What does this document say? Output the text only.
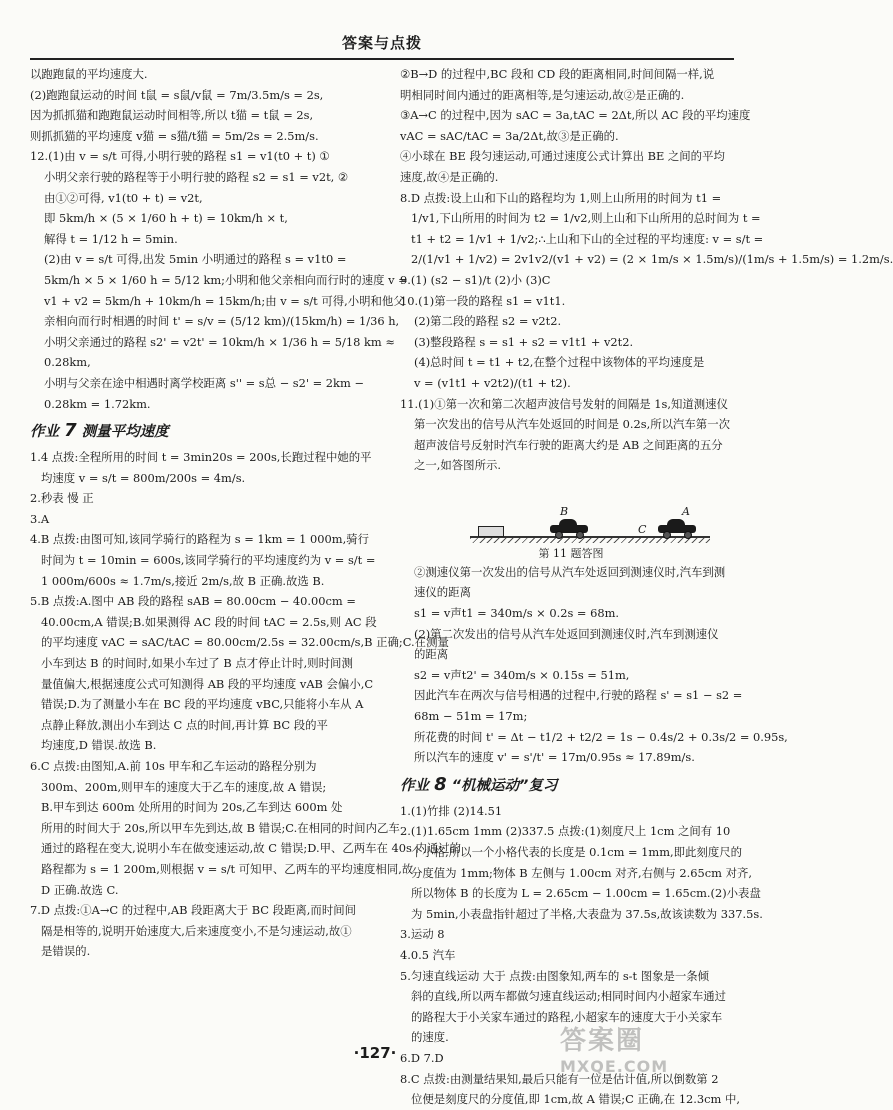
答案与点拨
以跑跑鼠的平均速度大.
(2)跑跑鼠运动的时间 t鼠 = s鼠/v鼠 = 7m/3.5m/s = 2s,
因为抓抓猫和跑跑鼠运动时间相等,所以 t猫 = t鼠 = 2s,
则抓抓猫的平均速度 v猫 = s猫/t猫 = 5m/2s = 2.5m/s.
12.(1)由 v = s/t 可得,小明行驶的路程 s1 = v1(t0 + t) ①
小明父亲行驶的路程等于小明行驶的路程 s2 = s1 = v2t, ②
由①②可得, v1(t0 + t) = v2t,
即 5km/h × (5 × 1/60 h + t) = 10km/h × t,
解得 t = 1/12 h = 5min.
(2)由 v = s/t 可得,出发 5min 小明通过的路程 s = v1t0 =
5km/h × 5 × 1/60 h = 5/12 km;小明和他父亲相向而行时的速度 v =
v1 + v2 = 5km/h + 10km/h = 15km/h;由 v = s/t 可得,小明和他父
亲相向而行时相遇的时间 t' = s/v = (5/12 km)/(15km/h) = 1/36 h,
小明父亲通过的路程 s2' = v2t' = 10km/h × 1/36 h = 5/18 km ≈
0.28km,
小明与父亲在途中相遇时离学校距离 s'' = s总 − s2' = 2km −
0.28km = 1.72km.
作业 7 测量平均速度
1.4 点拨:全程所用的时间 t = 3min20s = 200s,长跑过程中她的平
均速度 v = s/t = 800m/200s = 4m/s.
2.秒表 慢 正
3.A
4.B 点拨:由图可知,该同学骑行的路程为 s = 1km = 1 000m,骑行
时间为 t = 10min = 600s,该同学骑行的平均速度约为 v = s/t =
1 000m/600s ≈ 1.7m/s,接近 2m/s,故 B 正确.故选 B.
5.B 点拨:A.图中 AB 段的路程 sAB = 80.00cm − 40.00cm =
40.00cm,A 错误;B.如果测得 AC 段的时间 tAC = 2.5s,则 AC 段
的平均速度 vAC = sAC/tAC = 80.00cm/2.5s = 32.00cm/s,B 正确;C.在测量
小车到达 B 的时间时,如果小车过了 B 点才停止计时,则时间测
量值偏大,根据速度公式可知测得 AB 段的平均速度 vAB 会偏小,C
错误;D.为了测量小车在 BC 段的平均速度 vBC,只能将小车从 A
点静止释放,测出小车到达 C 点的时间,再计算 BC 段的平
均速度,D 错误.故选 B.
6.C 点拨:由图知,A.前 10s 甲车和乙车运动的路程分别为
300m、200m,则甲车的速度大于乙车的速度,故 A 错误;
B.甲车到达 600m 处所用的时间为 20s,乙车到达 600m 处
所用的时间大于 20s,所以甲车先到达,故 B 错误;C.在相同的时间内乙车
通过的路程在变大,说明小车在做变速运动,故 C 错误;D.甲、乙两车在 40s 内通过的
路程都为 s = 1 200m,则根据 v = s/t 可知甲、乙两车的平均速度相同,故
D 正确.故选 C.
7.D 点拨:①A→C 的过程中,AB 段距离大于 BC 段距离,而时间间
隔是相等的,说明开始速度大,后来速度变小,不是匀速运动,故①
是错误的.
②B→D 的过程中,BC 段和 CD 段的距离相同,时间间隔一样,说
明相同时间内通过的距离相等,是匀速运动,故②是正确的.
③A→C 的过程中,因为 sAC = 3a,tAC = 2Δt,所以 AC 段的平均速度
vAC = sAC/tAC = 3a/2Δt,故③是正确的.
④小球在 BE 段匀速运动,可通过速度公式计算出 BE 之间的平均
速度,故④是正确的.
8.D 点拨:设上山和下山的路程均为 1,则上山所用的时间为 t1 =
1/v1,下山所用的时间为 t2 = 1/v2,则上山和下山所用的总时间为 t =
t1 + t2 = 1/v1 + 1/v2;∴上山和下山的全过程的平均速度: v = s/t =
2/(1/v1 + 1/v2) = 2v1v2/(v1 + v2) = (2 × 1m/s × 1.5m/s)/(1m/s + 1.5m/s) = 1.2m/s.
9.(1) (s2 − s1)/t (2)小 (3)C
10.(1)第一段的路程 s1 = v1t1.
(2)第二段的路程 s2 = v2t2.
(3)整段路程 s = s1 + s2 = v1t1 + v2t2.
(4)总时间 t = t1 + t2,在整个过程中该物体的平均速度是
v = (v1t1 + v2t2)/(t1 + t2).
11.(1)①第一次和第二次超声波信号发射的间隔是 1s,知道测速仪
第一次发出的信号从汽车处返回的时间是 0.2s,所以汽车第一次
超声波信号反射时汽车行驶的距离大约是 AB 之间距离的五分
之一,如答图所示.
B
C
A
第 11 题答图
②测速仪第一次发出的信号从汽车处返回到测速仪时,汽车到测
速仪的距离
s1 = v声t1 = 340m/s × 0.2s = 68m.
(2)第二次发出的信号从汽车处返回到测速仪时,汽车到测速仪
的距离
s2 = v声t2' = 340m/s × 0.15s = 51m,
因此汽车在两次与信号相遇的过程中,行驶的路程 s' = s1 − s2 =
68m − 51m = 17m;
所花费的时间 t' = Δt − t1/2 + t2/2 = 1s − 0.4s/2 + 0.3s/2 = 0.95s,
所以汽车的速度 v' = s'/t' = 17m/0.95s ≈ 17.89m/s.
作业 8 “机械运动”复习
1.(1)竹排 (2)14.51
2.(1)1.65cm 1mm (2)337.5 点拨:(1)刻度尺上 1cm 之间有 10
个小格,所以一个小格代表的长度是 0.1cm = 1mm,即此刻度尺的
分度值为 1mm;物体 B 左侧与 1.00cm 对齐,右侧与 2.65cm 对齐,
所以物体 B 的长度为 L = 2.65cm − 1.00cm = 1.65cm.(2)小表盘
为 5min,小表盘指针超过了半格,大表盘为 37.5s,故该读数为 337.5s.
3.运动 8
4.0.5 汽车
5.匀速直线运动 大于 点拨:由图象知,两车的 s-t 图象是一条倾
斜的直线,所以两车都做匀速直线运动;相同时间内小超家车通过
的路程大于小关家车通过的路程,小超家车的速度大于小关家车
的速度.
6.D 7.D
8.C 点拨:由测量结果知,最后只能有一位是估计值,所以倒数第 2
位便是刻度尺的分度值,即 1cm,故 A 错误;C 正确,在 12.3cm 中,
·127·	答案圈
MXQE.COM
